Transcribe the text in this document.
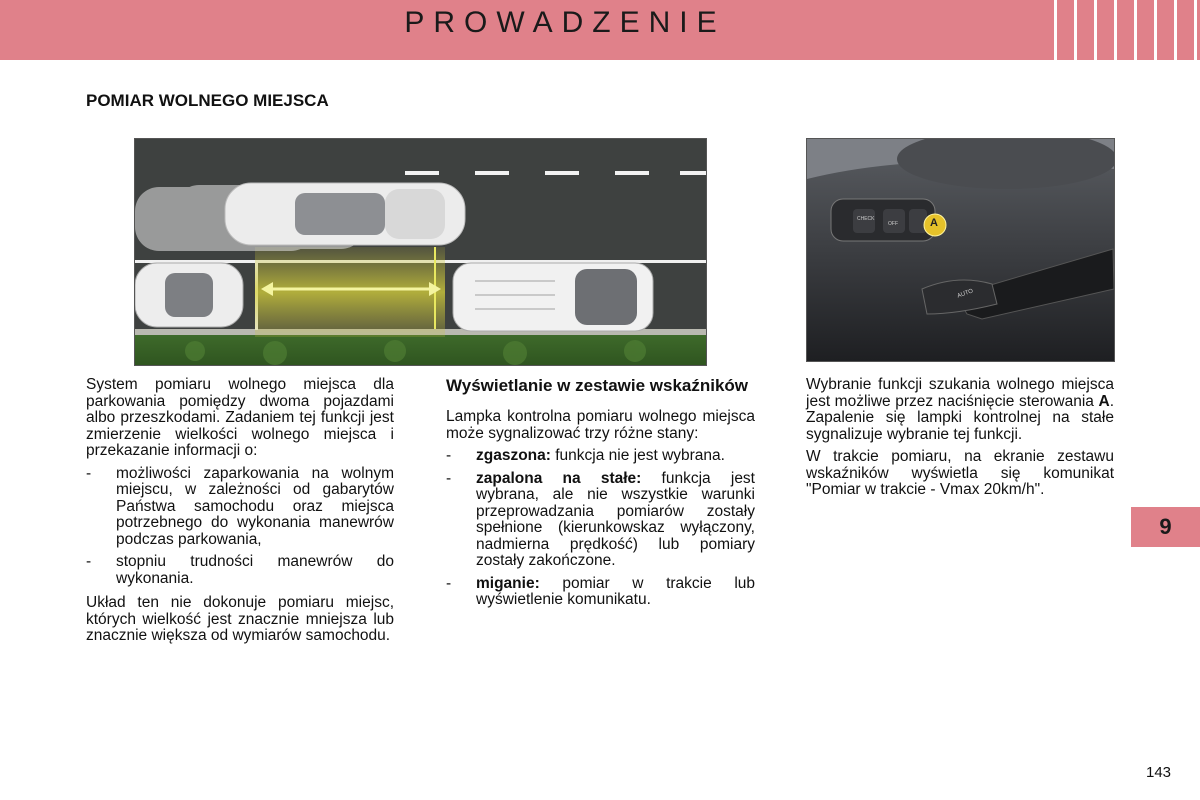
PROWADZENIE
POMIAR WOLNEGO MIEJSCA
CHECK
OFF	A
AUTO

System pomiaru wolnego miejsca dla parkowania pomiędzy dwoma pojazdami albo przeszkodami. Zadaniem tej funkcji jest zmierzenie wielkości wolnego miejsca i przekazanie informacji o:

- możliwości zaparkowania na wolnym miejscu, w zależności od gabarytów Państwa samochodu oraz miejsca potrzebnego do wykonania manewrów podczas parkowania,
- stopniu trudności manewrów do wykonania.

Układ ten nie dokonuje pomiaru miejsc, których wielkość jest znacznie mniejsza lub znacznie większa od wymiarów samochodu.

Wyświetlanie w zestawie wskaźników

Lampka kontrolna pomiaru wolnego miejsca może sygnalizować trzy różne stany:

- zgaszona: funkcja nie jest wybrana.
- zapalona na stałe: funkcja jest wybrana, ale nie wszystkie warunki przeprowadzania pomiarów zostały spełnione (kierunkowskaz wyłączony, nadmierna prędkość) lub pomiary zostały zakończone.
- miganie: pomiar w trakcie lub wyświetlenie komunikatu.

Wybranie funkcji szukania wolnego miejsca jest możliwe przez naciśnięcie sterowania A. Zapalenie się lampki kontrolnej na stałe sygnalizuje wybranie tej funkcji.

W trakcie pomiaru, na ekranie zestawu wskaźników wyświetla się komunikat "Pomiar w trakcie - Vmax 20km/h".

9
143
